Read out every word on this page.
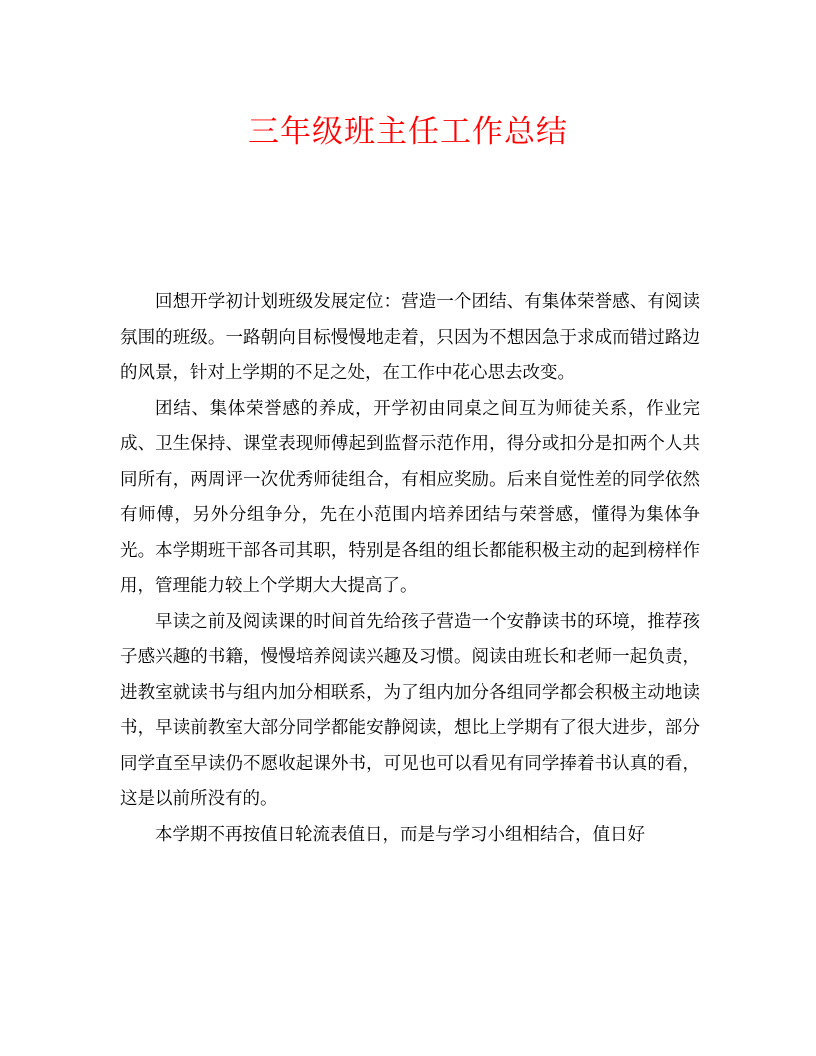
三年级班主任工作总结

回想开学初计划班级发展定位：营造一个团结、有集体荣誉感、有阅读氛围的班级。一路朝向目标慢慢地走着，只因为不想因急于求成而错过路边的风景，针对上学期的不足之处，在工作中花心思去改变。

团结、集体荣誉感的养成，开学初由同桌之间互为师徒关系，作业完成、卫生保持、课堂表现师傅起到监督示范作用，得分或扣分是扣两个人共同所有，两周评一次优秀师徒组合，有相应奖励。后来自觉性差的同学依然有师傅，另外分组争分，先在小范围内培养团结与荣誉感，懂得为集体争光。本学期班干部各司其职，特别是各组的组长都能积极主动的起到榜样作用，管理能力较上个学期大大提高了。

早读之前及阅读课的时间首先给孩子营造一个安静读书的环境，推荐孩子感兴趣的书籍，慢慢培养阅读兴趣及习惯。阅读由班长和老师一起负责，进教室就读书与组内加分相联系，为了组内加分各组同学都会积极主动地读书，早读前教室大部分同学都能安静阅读，想比上学期有了很大进步，部分同学直至早读仍不愿收起课外书，可见也可以看见有同学捧着书认真的看，这是以前所没有的。

本学期不再按值日轮流表值日，而是与学习小组相结合，值日好
